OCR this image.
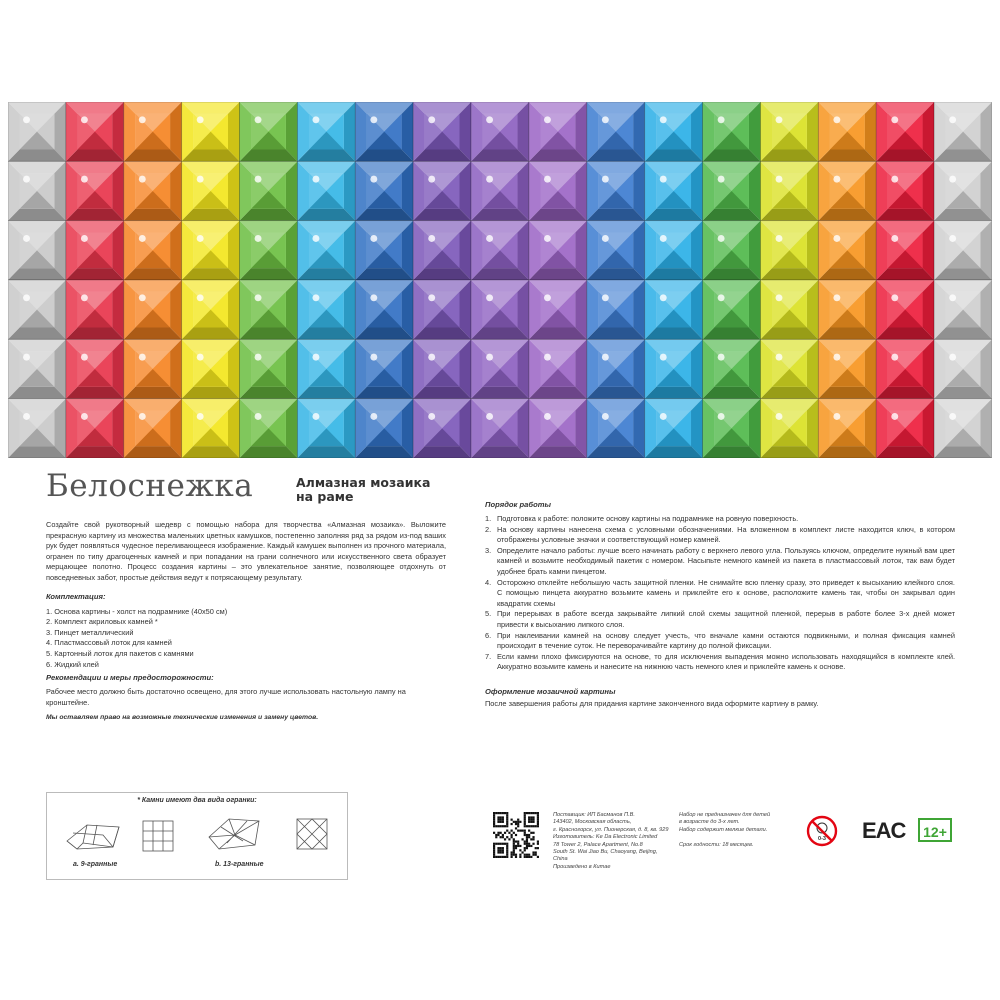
Белоснежка	Алмазная мозаика
на раме
Создайте свой рукотворный шедевр с помощью набора для творчества «Алмазная мозаика». Выложите прекрасную картину из множества маленьких цветных камушков, постепенно заполняя ряд за рядом из-под ваших рук будет появляться чудесное переливающееся изображение. Каждый камушек выполнен из прочного материала, огранен по типу драгоценных камней и при попадании на грани солнечного или искусственного света образует мерцающее полотно. Процесс создания картины – это увлекательное занятие, позволяющее отдохнуть от повседневных забот, простые действия ведут к потрясающему результату.
Комплектация:
1. Основа картины - холст на подрамнике (40х50 см)
2. Комплект акриловых камней *
3. Пинцет металлический
4. Пластмассовый лоток для камней
5. Картонный лоток для пакетов с камнями
6. Жидкий клей
Рекомендации и меры предосторожности:
Рабочее место должно быть достаточно освещено, для этого лучше использовать настольную лампу на кронштейне.
Мы оставляем право на возможные технические изменения и замену цветов.
* Камни имеют два вида огранки:
a. 9-гранные	b. 13-гранные
Порядок работы
1. Подготовка к работе: положите основу картины на подрамнике на ровную поверхность.
2. На основу картины нанесена схема с условными обозначениями. На вложенном в комплект листе находится ключ, в котором отображены условные значки и соответствующий номер камней.
3. Определите начало работы: лучше всего начинать работу с верхнего левого угла. Пользуясь ключом, определите нужный вам цвет камней и возьмите необходимый пакетик с номером. Насыпьте немного камней из пакета в пластмассовый лоток, так вам будет удобнее брать камни пинцетом.
4. Осторожно отклейте небольшую часть защитной пленки. Не снимайте всю пленку сразу, это приведет к высыханию клейкого слоя. С помощью пинцета аккуратно возьмите камень и приклейте его к основе, расположите камень так, чтобы он закрывал один квадратик схемы
5. При перерывах в работе всегда закрывайте липкий слой схемы защитной пленкой, перерыв в работе более 3-х дней может привести к высыханию липкого слоя.
6. При наклеивании камней на основу следует учесть, что вначале камни остаются подвижными, и полная фиксация камней происходит в течение суток. Не переворачивайте картину до полной фиксации.
7. Если камни плохо фиксируются на основе, то для исключения выпадения можно использовать находящийся в комплекте клей. Аккуратно возьмите камень и нанесите на нижнюю часть немного клея и приклейте камень к основе.
Оформление мозаичной картины
После завершения работы для придания картине законченного вида оформите картину в рамку.
Поставщик: ИП Басманов П.В.
143402, Московская область,
г. Красногорск, ул. Пионерская, д. 8, кв. 929
Изготовитель: Ke Da Electronic Limited
78 Tower 2, Palace Apartment, No.8
South St. Wai Jiao Bu, Chaoyang, Beijing, China
Произведено в Китае
Набор не предназначен для детей
в возрасте до 3-х лет.
Набор содержит мелкие детали.

Срок годности: 18 месяцев.
0-3 EAC	12+
